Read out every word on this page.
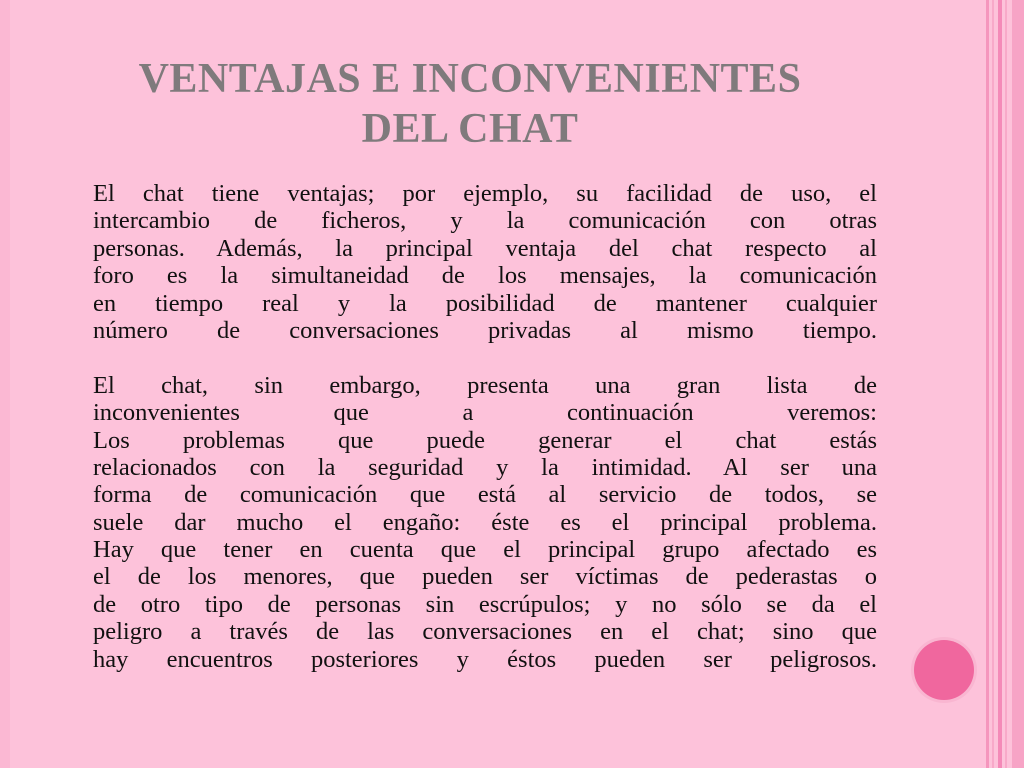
VENTAJAS E INCONVENIENTES
DEL CHAT

El chat tiene ventajas; por ejemplo, su facilidad de uso, el
intercambio de ficheros, y la comunicación con otras
personas. Además, la principal ventaja del chat respecto al
foro es la simultaneidad de los mensajes, la comunicación
en tiempo real y la posibilidad de mantener cualquier
número de conversaciones privadas al mismo tiempo.

El chat, sin embargo, presenta una gran lista de
inconvenientes que a continuación veremos:
Los problemas que puede generar el chat estás
relacionados con la seguridad y la intimidad. Al ser una
forma de comunicación que está al servicio de todos, se
suele dar mucho el engaño: éste es el principal problema.
Hay que tener en cuenta que el principal grupo afectado es
el de los menores, que pueden ser víctimas de pederastas o
de otro tipo de personas sin escrúpulos; y no sólo se da el
peligro a través de las conversaciones en el chat; sino que
hay encuentros posteriores y éstos pueden ser peligrosos.
